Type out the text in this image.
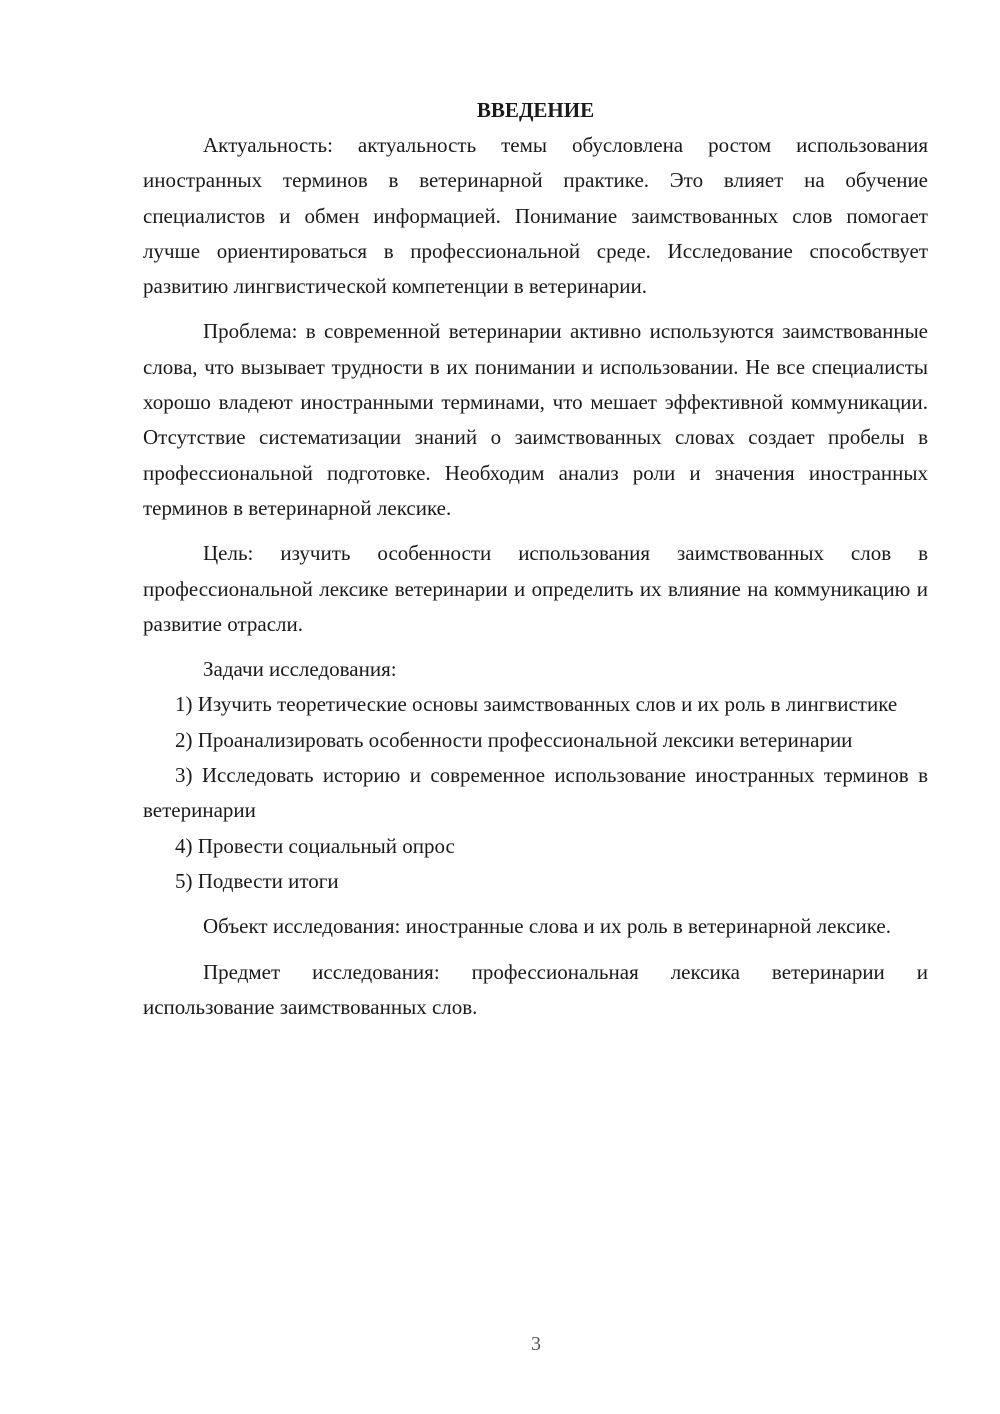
ВВЕДЕНИЕ

Актуальность: актуальность темы обусловлена ростом использования иностранных терминов в ветеринарной практике. Это влияет на обучение специалистов и обмен информацией. Понимание заимствованных слов помогает лучше ориентироваться в профессиональной среде. Исследование способствует развитию лингвистической компетенции в ветеринарии.

Проблема: в современной ветеринарии активно используются заимствованные слова, что вызывает трудности в их понимании и использовании. Не все специалисты хорошо владеют иностранными терминами, что мешает эффективной коммуникации. Отсутствие систематизации знаний о заимствованных словах создает пробелы в профессиональной подготовке. Необходим анализ роли и значения иностранных терминов в ветеринарной лексике.

Цель: изучить особенности использования заимствованных слов в профессиональной лексике ветеринарии и определить их влияние на коммуникацию и развитие отрасли.

Задачи исследования:

1) Изучить теоретические основы заимствованных слов и их роль в лингвистике

2) Проанализировать особенности профессиональной лексики ветеринарии

3) Исследовать историю и современное использование иностранных терминов в ветеринарии

4) Провести социальный опрос

5) Подвести итоги

Объект исследования: иностранные слова и их роль в ветеринарной лексике.

Предмет исследования: профессиональная лексика ветеринарии и использование заимствованных слов.

3
